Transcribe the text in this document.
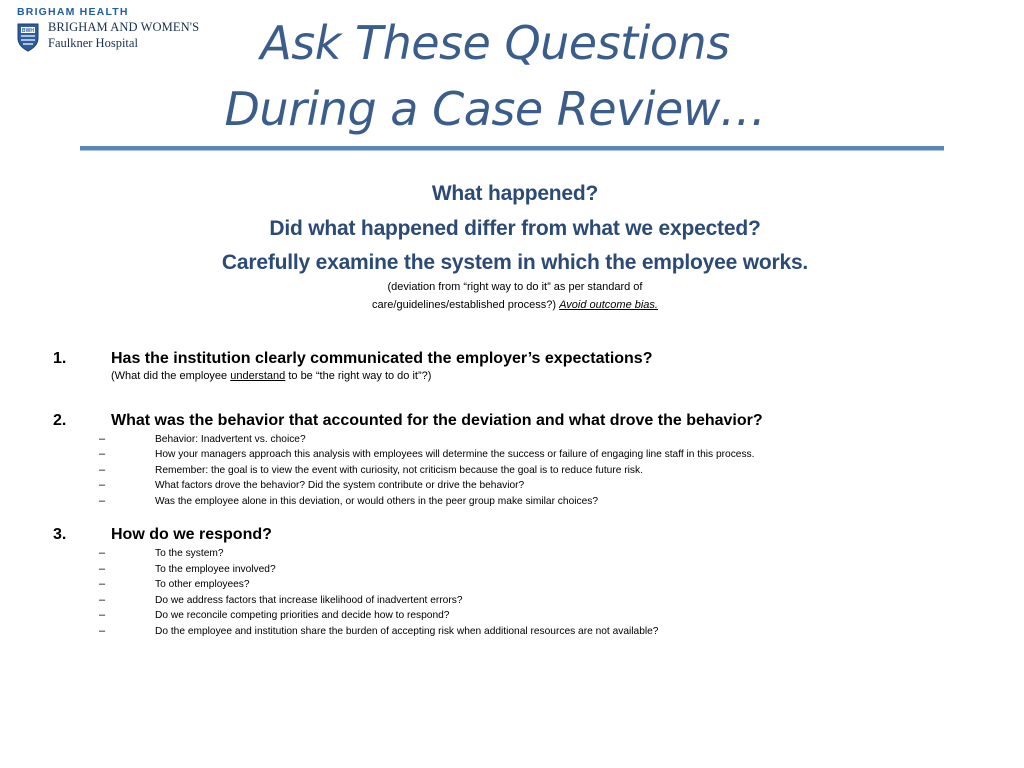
BRIGHAM HEALTH
BWH BRIGHAM AND WOMEN'S
Faulkner Hospital	Ask These Questions
During a Case Review…
What happened?
Did what happened differ from what we expected?
Carefully examine the system in which the employee works.
(deviation from “right way to do it” as per standard of
care/guidelines/established process?) Avoid outcome bias.
1.	Has the institution clearly communicated the employer’s expectations?
(What did the employee understand to be “the right way to do it”?)
2.	What was the behavior that accounted for the deviation and what drove the behavior?
–	Behavior: Inadvertent vs. choice?
–	How your managers approach this analysis with employees will determine the success or failure of engaging line staff in this process.
–	Remember: the goal is to view the event with curiosity, not criticism because the goal is to reduce future risk.
–	What factors drove the behavior? Did the system contribute or drive the behavior?
–	Was the employee alone in this deviation, or would others in the peer group make similar choices?
3.	How do we respond?
–	To the system?
–	To the employee involved?
–	To other employees?
–	Do we address factors that increase likelihood of inadvertent errors?
–	Do we reconcile competing priorities and decide how to respond?
–	Do the employee and institution share the burden of accepting risk when additional resources are not available?
